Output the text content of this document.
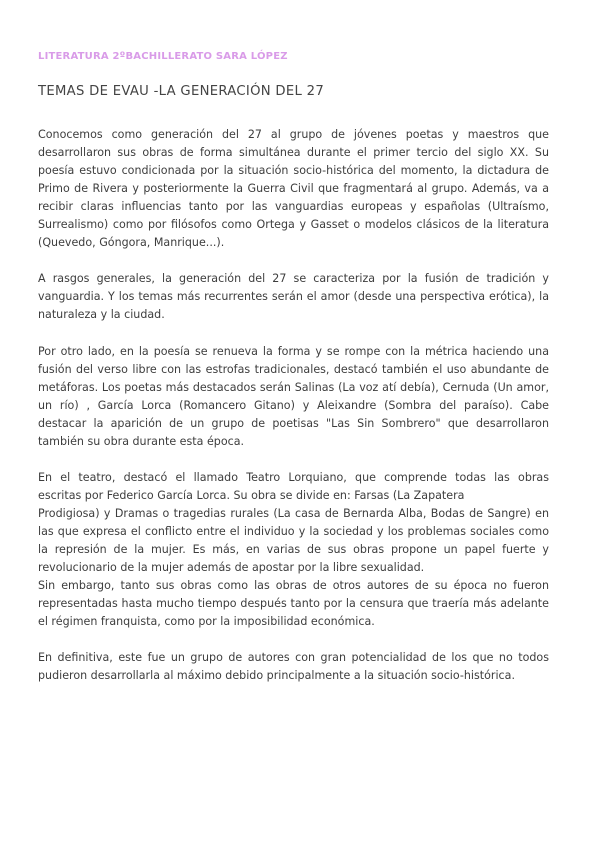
LITERATURA 2ºBACHILLERATO SARA LÓPEZ
TEMAS DE EVAU -LA GENERACIÓN DEL 27
Conocemos como generación del 27 al grupo de jóvenes poetas y maestros que
desarrollaron sus obras de forma simultánea durante el primer tercio del siglo XX. Su
poesía estuvo condicionada por la situación socio-histórica del momento, la dictadura de
Primo de Rivera y posteriormente la Guerra Civil que fragmentará al grupo. Además, va a
recibir claras influencias tanto por las vanguardias europeas y españolas (Ultraísmo,
Surrealismo) como por filósofos como Ortega y Gasset o modelos clásicos de la literatura
(Quevedo, Góngora, Manrique...).
A rasgos generales, la generación del 27 se caracteriza por la fusión de tradición y
vanguardia. Y los temas más recurrentes serán el amor (desde una perspectiva erótica), la
naturaleza y la ciudad.
Por otro lado, en la poesía se renueva la forma y se rompe con la métrica haciendo una
fusión del verso libre con las estrofas tradicionales, destacó también el uso abundante de
metáforas. Los poetas más destacados serán Salinas (La voz atí debía), Cernuda (Un amor,
un río) , García Lorca (Romancero Gitano) y Aleixandre (Sombra del paraíso). Cabe
destacar la aparición de un grupo de poetisas "Las Sin Sombrero" que desarrollaron
también su obra durante esta época.
En el teatro, destacó el llamado Teatro Lorquiano, que comprende todas las obras
escritas por Federico García Lorca. Su obra se divide en: Farsas (La Zapatera
Prodigiosa) y Dramas o tragedias rurales (La casa de Bernarda Alba, Bodas de Sangre) en
las que expresa el conflicto entre el individuo y la sociedad y los problemas sociales como
la represión de la mujer. Es más, en varias de sus obras propone un papel fuerte y
revolucionario de la mujer además de apostar por la libre sexualidad.
Sin embargo, tanto sus obras como las obras de otros autores de su época no fueron
representadas hasta mucho tiempo después tanto por la censura que traería más adelante
el régimen franquista, como por la imposibilidad económica.
En definitiva, este fue un grupo de autores con gran potencialidad de los que no todos
pudieron desarrollarla al máximo debido principalmente a la situación socio-histórica.
